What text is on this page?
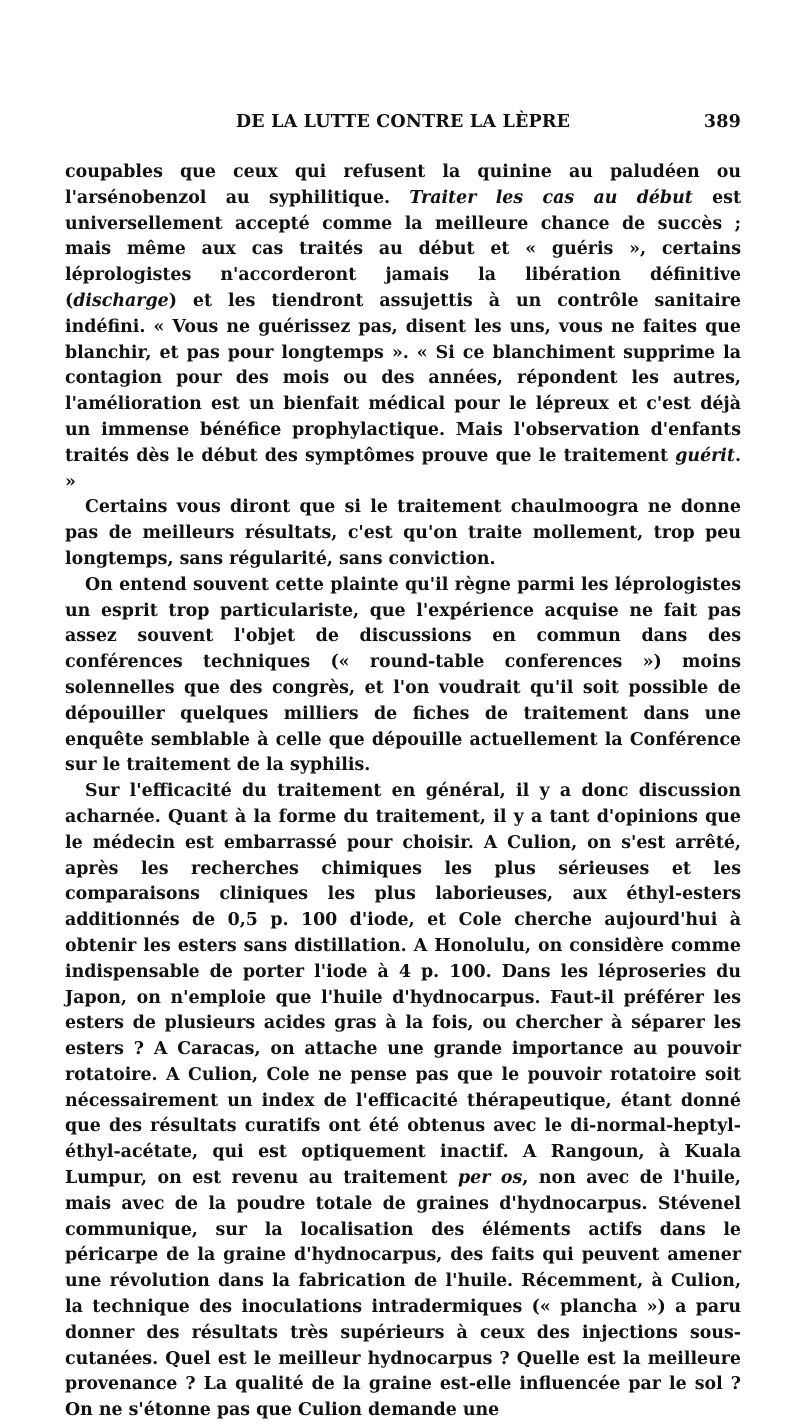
DE LA LUTTE CONTRE LA LÈPRE	389

coupables que ceux qui refusent la quinine au paludéen ou l'arsénobenzol au syphilitique. Traiter les cas au début est universellement accepté comme la meilleure chance de succès ; mais même aux cas traités au début et « guéris », certains léprologistes n'accorderont jamais la libération définitive (discharge) et les tiendront assujettis à un contrôle sanitaire indéfini. « Vous ne guérissez pas, disent les uns, vous ne faites que blanchir, et pas pour longtemps ». « Si ce blanchiment supprime la contagion pour des mois ou des années, répondent les autres, l'amélioration est un bienfait médical pour le lépreux et c'est déjà un immense bénéfice prophylactique. Mais l'observation d'enfants traités dès le début des symptômes prouve que le traitement guérit. »

Certains vous diront que si le traitement chaulmoogra ne donne pas de meilleurs résultats, c'est qu'on traite mollement, trop peu longtemps, sans régularité, sans conviction.

On entend souvent cette plainte qu'il règne parmi les léprologistes un esprit trop particulariste, que l'expérience acquise ne fait pas assez souvent l'objet de discussions en commun dans des conférences techniques (« round-table conferences ») moins solennelles que des congrès, et l'on voudrait qu'il soit possible de dépouiller quelques milliers de fiches de traitement dans une enquête semblable à celle que dépouille actuellement la Conférence sur le traitement de la syphilis.

Sur l'efficacité du traitement en général, il y a donc discussion acharnée. Quant à la forme du traitement, il y a tant d'opinions que le médecin est embarrassé pour choisir. A Culion, on s'est arrêté, après les recherches chimiques les plus sérieuses et les comparaisons cliniques les plus laborieuses, aux éthyl-esters additionnés de 0,5 p. 100 d'iode, et Cole cherche aujourd'hui à obtenir les esters sans distillation. A Honolulu, on considère comme indispensable de porter l'iode à 4 p. 100. Dans les léproseries du Japon, on n'emploie que l'huile d'hydnocarpus. Faut-il préférer les esters de plusieurs acides gras à la fois, ou chercher à séparer les esters ? A Caracas, on attache une grande importance au pouvoir rotatoire. A Culion, Cole ne pense pas que le pouvoir rotatoire soit nécessairement un index de l'efficacité thérapeutique, étant donné que des résultats curatifs ont été obtenus avec le di-normal-heptyl-éthyl-acétate, qui est optiquement inactif. A Rangoun, à Kuala Lumpur, on est revenu au traitement per os, non avec de l'huile, mais avec de la poudre totale de graines d'hydnocarpus. Stévenel communique, sur la localisation des éléments actifs dans le péricarpe de la graine d'hydnocarpus, des faits qui peuvent amener une révolution dans la fabrication de l'huile. Récemment, à Culion, la technique des inoculations intradermiques (« plancha ») a paru donner des résultats très supérieurs à ceux des injections sous-cutanées. Quel est le meilleur hydnocarpus ? Quelle est la meilleure provenance ? La qualité de la graine est-elle influencée par le sol ? On ne s'étonne pas que Culion demande une
